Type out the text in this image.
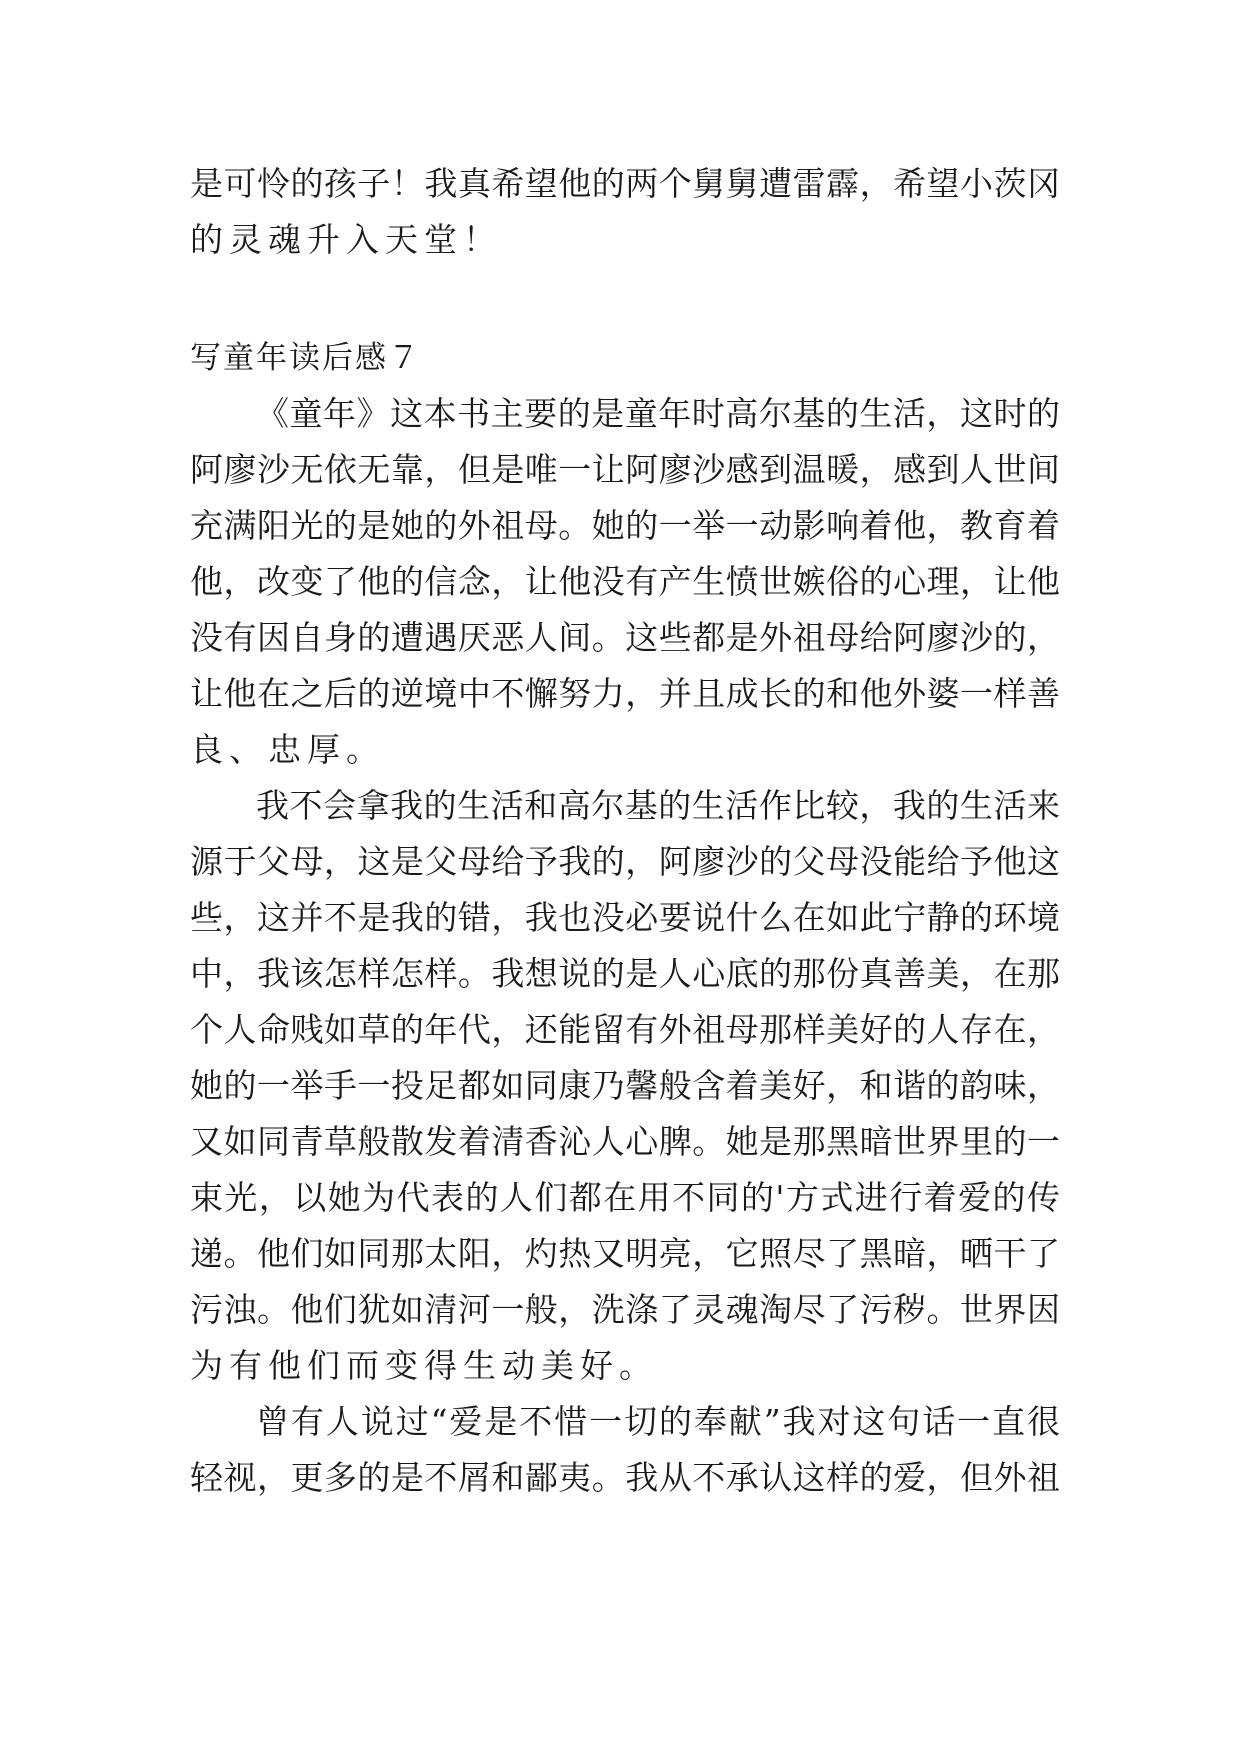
是可怜的孩子！我真希望他的两个舅舅遭雷霹，希望小茨冈

的灵魂升入天堂！

写童年读后感７

《童年》这本书主要的是童年时高尔基的生活，这时的

阿廖沙无依无靠，但是唯一让阿廖沙感到温暖，感到人世间

充满阳光的是她的外祖母。她的一举一动影响着他，教育着

他，改变了他的信念，让他没有产生愤世嫉俗的心理，让他

没有因自身的遭遇厌恶人间。这些都是外祖母给阿廖沙的，

让他在之后的逆境中不懈努力，并且成长的和他外婆一样善

良、忠厚。

我不会拿我的生活和高尔基的生活作比较，我的生活来

源于父母，这是父母给予我的，阿廖沙的父母没能给予他这

些，这并不是我的错，我也没必要说什么在如此宁静的环境

中，我该怎样怎样。我想说的是人心底的那份真善美，在那

个人命贱如草的年代，还能留有外祖母那样美好的人存在，

她的一举手一投足都如同康乃馨般含着美好，和谐的韵味，

又如同青草般散发着清香沁人心脾。她是那黑暗世界里的一

束光，以她为代表的人们都在用不同的'方式进行着爱的传

递。他们如同那太阳，灼热又明亮，它照尽了黑暗，晒干了

污浊。他们犹如清河一般，洗涤了灵魂淘尽了污秽。世界因

为有他们而变得生动美好。

曾有人说过“爱是不惜一切的奉献”我对这句话一直很

轻视，更多的是不屑和鄙夷。我从不承认这样的爱，但外祖
